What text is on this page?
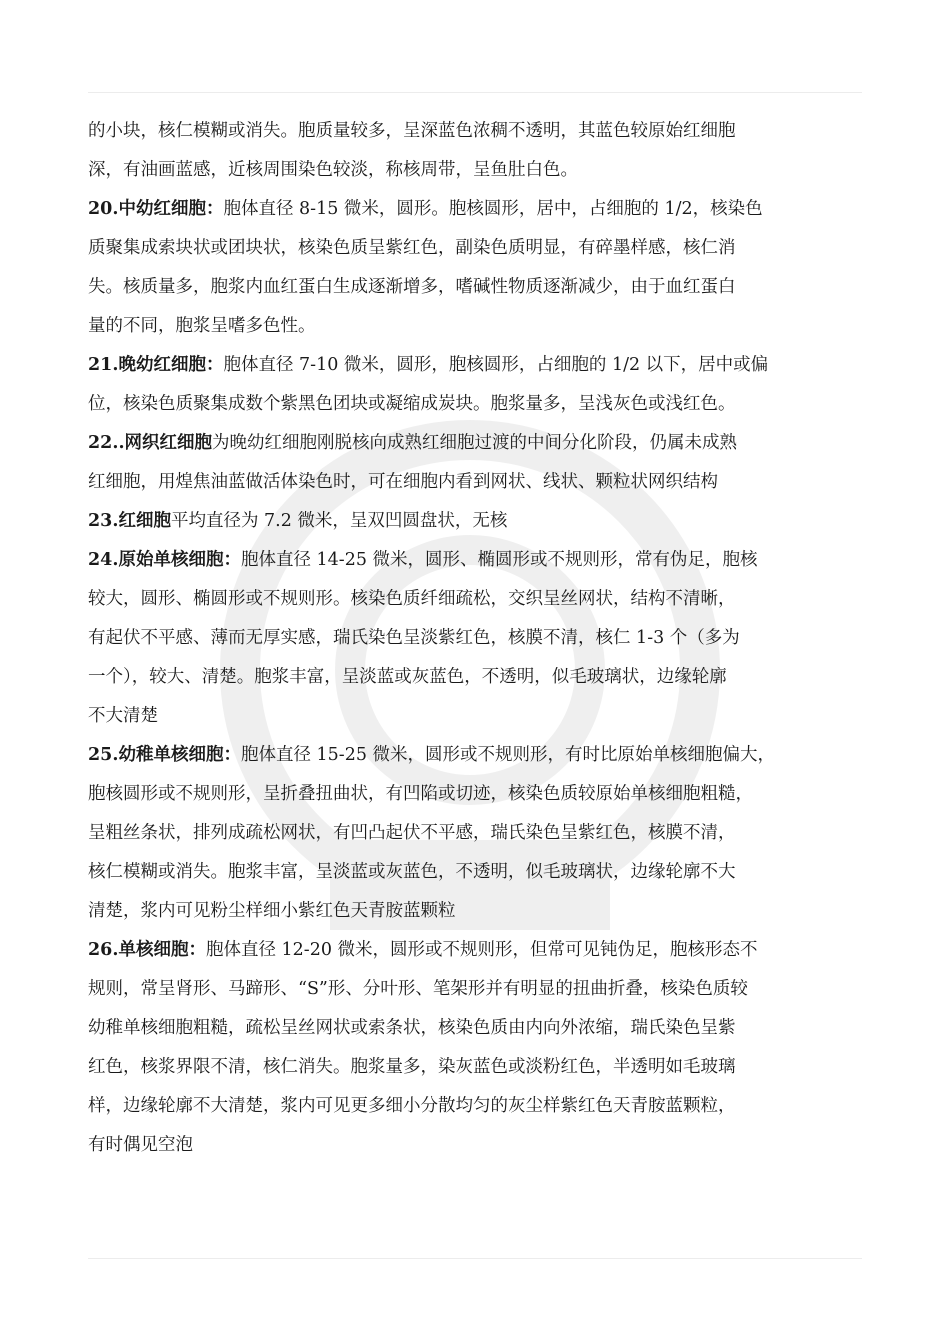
的小块，核仁模糊或消失。胞质量较多，呈深蓝色浓稠不透明，其蓝色较原始红细胞
深，有油画蓝感，近核周围染色较淡，称核周带，呈鱼肚白色。
20.中幼红细胞：胞体直径 8-15 微米，圆形。胞核圆形，居中，占细胞的 1/2，核染色
质聚集成索块状或团块状，核染色质呈紫红色，副染色质明显，有碎墨样感，核仁消
失。核质量多，胞浆内血红蛋白生成逐渐增多，嗜碱性物质逐渐减少，由于血红蛋白
量的不同，胞浆呈嗜多色性。
21.晚幼红细胞：胞体直径 7-10 微米，圆形，胞核圆形，占细胞的 1/2 以下，居中或偏
位，核染色质聚集成数个紫黑色团块或凝缩成炭块。胞浆量多，呈浅灰色或浅红色。
22..网织红细胞为晚幼红细胞刚脱核向成熟红细胞过渡的中间分化阶段，仍属未成熟
红细胞，用煌焦油蓝做活体染色时，可在细胞内看到网状、线状、颗粒状网织结构
23.红细胞平均直径为 7.2 微米，呈双凹圆盘状，无核
24.原始单核细胞：胞体直径 14-25 微米，圆形、椭圆形或不规则形，常有伪足，胞核
较大，圆形、椭圆形或不规则形。核染色质纤细疏松，交织呈丝网状，结构不清晰，
有起伏不平感、薄而无厚实感，瑞氏染色呈淡紫红色，核膜不清，核仁 1-3 个（多为
一个），较大、清楚。胞浆丰富，呈淡蓝或灰蓝色，不透明，似毛玻璃状，边缘轮廓
不大清楚
25.幼稚单核细胞：胞体直径 15-25 微米，圆形或不规则形，有时比原始单核细胞偏大，
胞核圆形或不规则形，呈折叠扭曲状，有凹陷或切迹，核染色质较原始单核细胞粗糙，
呈粗丝条状，排列成疏松网状，有凹凸起伏不平感，瑞氏染色呈紫红色，核膜不清，
核仁模糊或消失。胞浆丰富，呈淡蓝或灰蓝色，不透明，似毛玻璃状，边缘轮廓不大
清楚，浆内可见粉尘样细小紫红色天青胺蓝颗粒
26.单核细胞：胞体直径 12-20 微米，圆形或不规则形，但常可见钝伪足，胞核形态不
规则，常呈肾形、马蹄形、“S”形、分叶形、笔架形并有明显的扭曲折叠，核染色质较
幼稚单核细胞粗糙，疏松呈丝网状或索条状，核染色质由内向外浓缩，瑞氏染色呈紫
红色，核浆界限不清，核仁消失。胞浆量多，染灰蓝色或淡粉红色，半透明如毛玻璃
样，边缘轮廓不大清楚，浆内可见更多细小分散均匀的灰尘样紫红色天青胺蓝颗粒，
有时偶见空泡
